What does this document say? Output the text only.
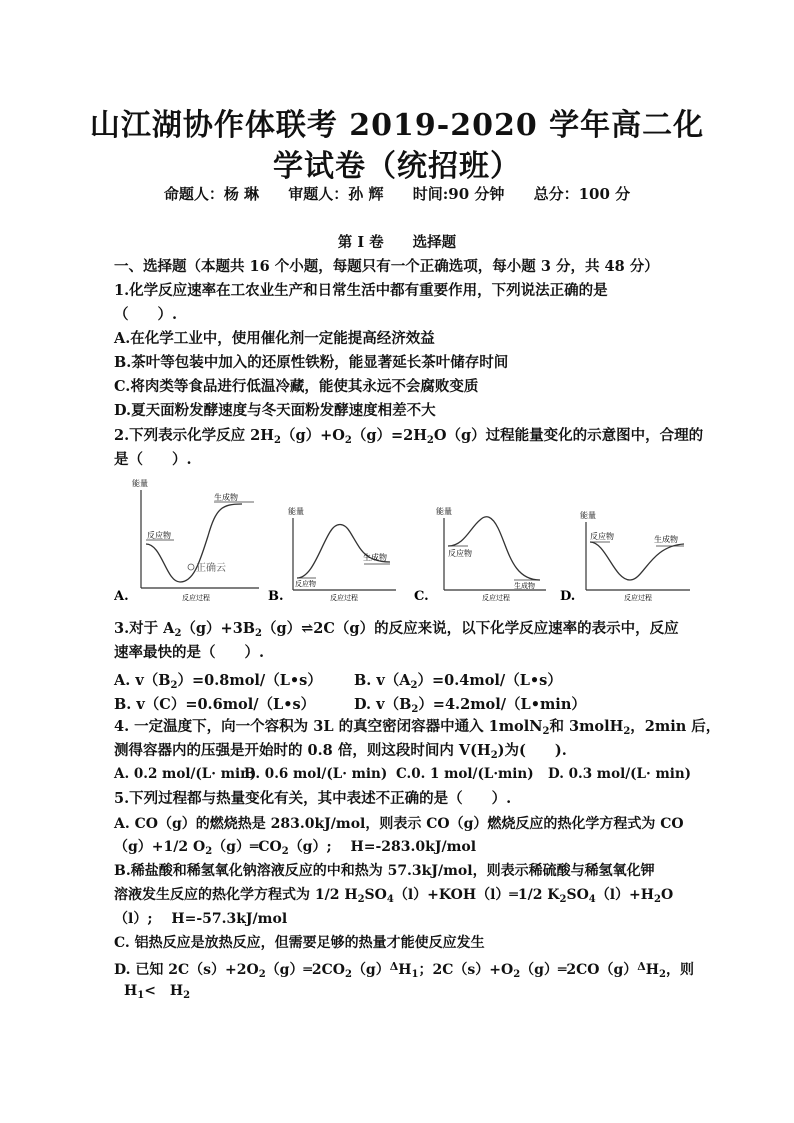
山江湖协作体联考 2019-2020 学年高二化
学试卷（统招班）
命题人：杨 琳 审题人：孙 辉 时间:90 分钟 总分：100 分
第 I 卷　　选择题
一、选择题（本题共 16 个小题，每题只有一个正确选项，每小题 3 分，共 48 分）
1.化学反应速率在工农业生产和日常生活中都有重要作用，下列说法正确的是
（　　）.
A.在化学工业中，使用催化剂一定能提高经济效益
B.茶叶等包装中加入的还原性铁粉，能显著延长茶叶储存时间
C.将肉类等食品进行低温冷藏，能使其永远不会腐败变质
D.夏天面粉发酵速度与冬天面粉发酵速度相差不大
2.下列表示化学反应 $2H_2(g)+O_2(g)=2H_2O(g)$过程能量变化的示意图中，合理的
是（　　）.
能量
反应物
生成物
正确云
反应过程
A.
能量
反应物
生成物
反应过程
B.
能量
反应物
生成物
反应过程
C.
能量
反应物	生成物
反应过程
D.
3.对于 $A_2(g)+3B_2(g)\rightleftharpoons 2C(g)$的反应来说，以下化学反应速率的表示中，反应
速率最快的是（　　）.
A. $v(B_2)=0.8mol/(L•s)$ B. $v(A_2)=0.4mol/(L•s)$
B. v（C）=0.6mol/（L•s）	D. $v(B_2)=4.2mol/(L•\min)$
4. 一定温度下，向一个容积为 3L 的真空密闭容器中通入 1molN$_2$和 3molH$_2$，2min 后，
测得容器内的压强是开始时的 0.8 倍，则这段时间内 $V(H_2)$为(　　).
A. 0.2 mol/(L· min)
B. 0.6 mol/(L· min) C.0. 1 mol/(L·min) D. 0.3 mol/(L· min)
5.下列过程都与热量变化有关，其中表述不正确的是（　　）.
A. CO（g）的燃烧热是 283.0kJ/mol，则表示 CO（g）燃烧反应的热化学方程式为 CO
（g）+1/2 $O_2(g)═CO_2(g)$;　 H=-283.0kJ/mol
B.稀盐酸和稀氢氧化钠溶液反应的中和热为 57.3kJ/mol，则表示稀硫酸与稀氢氧化钾
溶液发生反应的热化学方程式为 1/2 $H_2SO_4(l)+KOH(l)═1/2$ $K_2SO_4(l)+H_2O$
（l）;　 H=-57.3kJ/mol
C. 铝热反应是放热反应，但需要足够的热量才能使反应发生
D. 已知 $2C(s)+2O_2(g)═2CO_2(g)^\Delta H_1$；$2C(s)+O_2(g)═2CO(g)^\Delta H_2$，则
$H_1<$　$H_2$
